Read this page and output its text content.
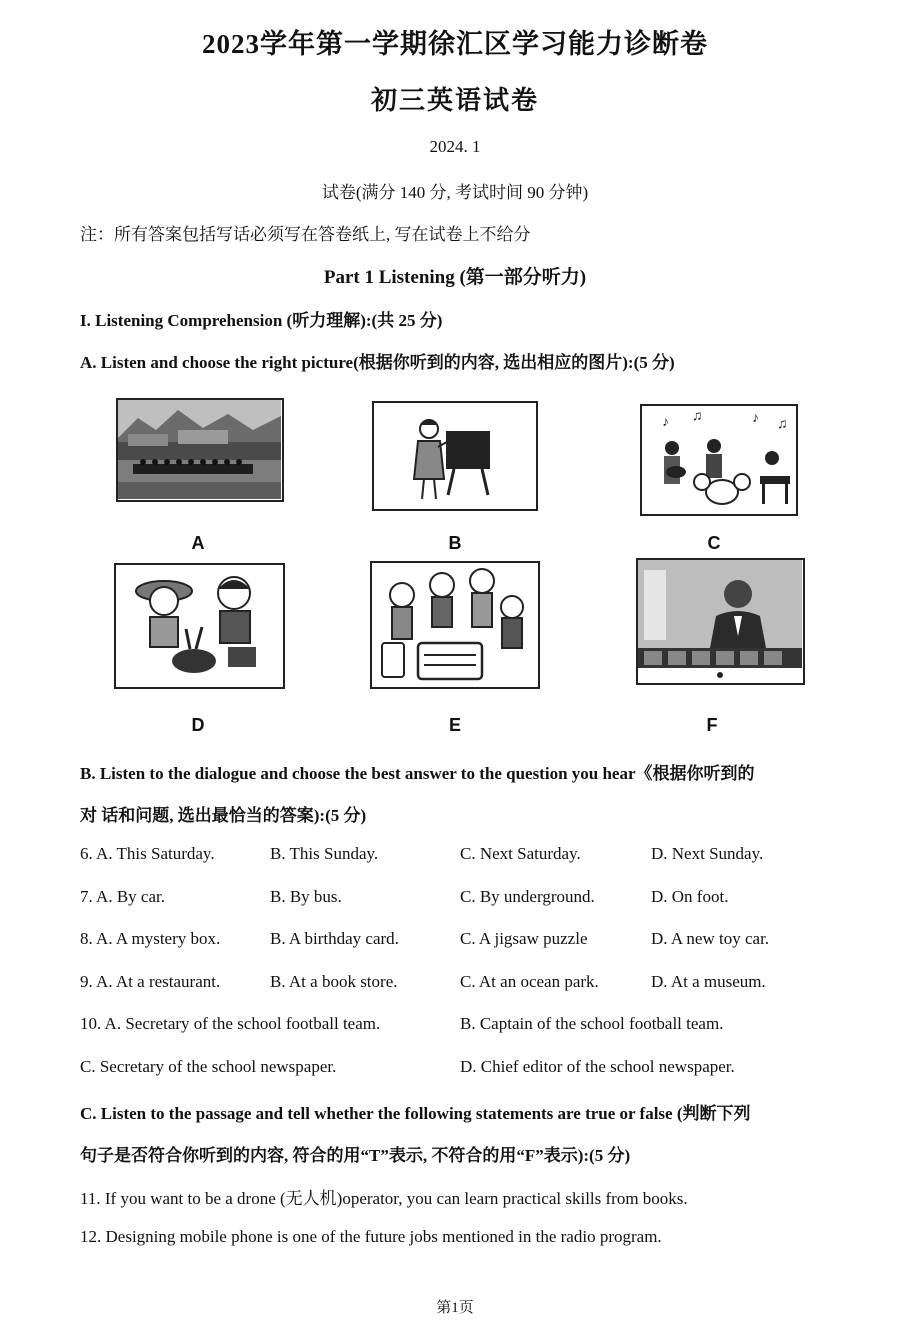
2023学年第一学期徐汇区学习能力诊断卷
初三英语试卷
2024. 1
试卷(满分 140 分, 考试时间 90 分钟)
注：所有答案包括写话必须写在答卷纸上, 写在试卷上不给分
Part 1 Listening (第一部分听力)
I. Listening Comprehension (听力理解):(共 25 分)
A. Listen and choose the right picture(根据你听到的内容, 选出相应的图片):(5 分)
A	B
♪ ♫	♪ ♫
C
D	E	F
B. Listen to the dialogue and choose the best answer to the question you hear《根据你听到的
对 话和问题, 选出最恰当的答案):(5 分)
6. A. This Saturday.	B. This Sunday.	C. Next Saturday.	D. Next Sunday.
7. A. By car.	B. By bus.	C. By underground.	D. On foot.
8. A. A mystery box.	B. A birthday card.	C. A jigsaw puzzle	D. A new toy car.
9. A. At a restaurant.	B. At a book store.	C. At an ocean park.	D. At a museum.
10. A. Secretary of the school football team.	B. Captain of the school football team.
C. Secretary of the school newspaper.	D. Chief editor of the school newspaper.
C. Listen to the passage and tell whether the following statements are true or false (判断下列
句子是否符合你听到的内容, 符合的用“T”表示, 不符合的用“F”表示):(5 分)
11. If you want to be a drone (无人机)operator, you can learn practical skills from books.
12. Designing mobile phone is one of the future jobs mentioned in the radio program.
第1页
